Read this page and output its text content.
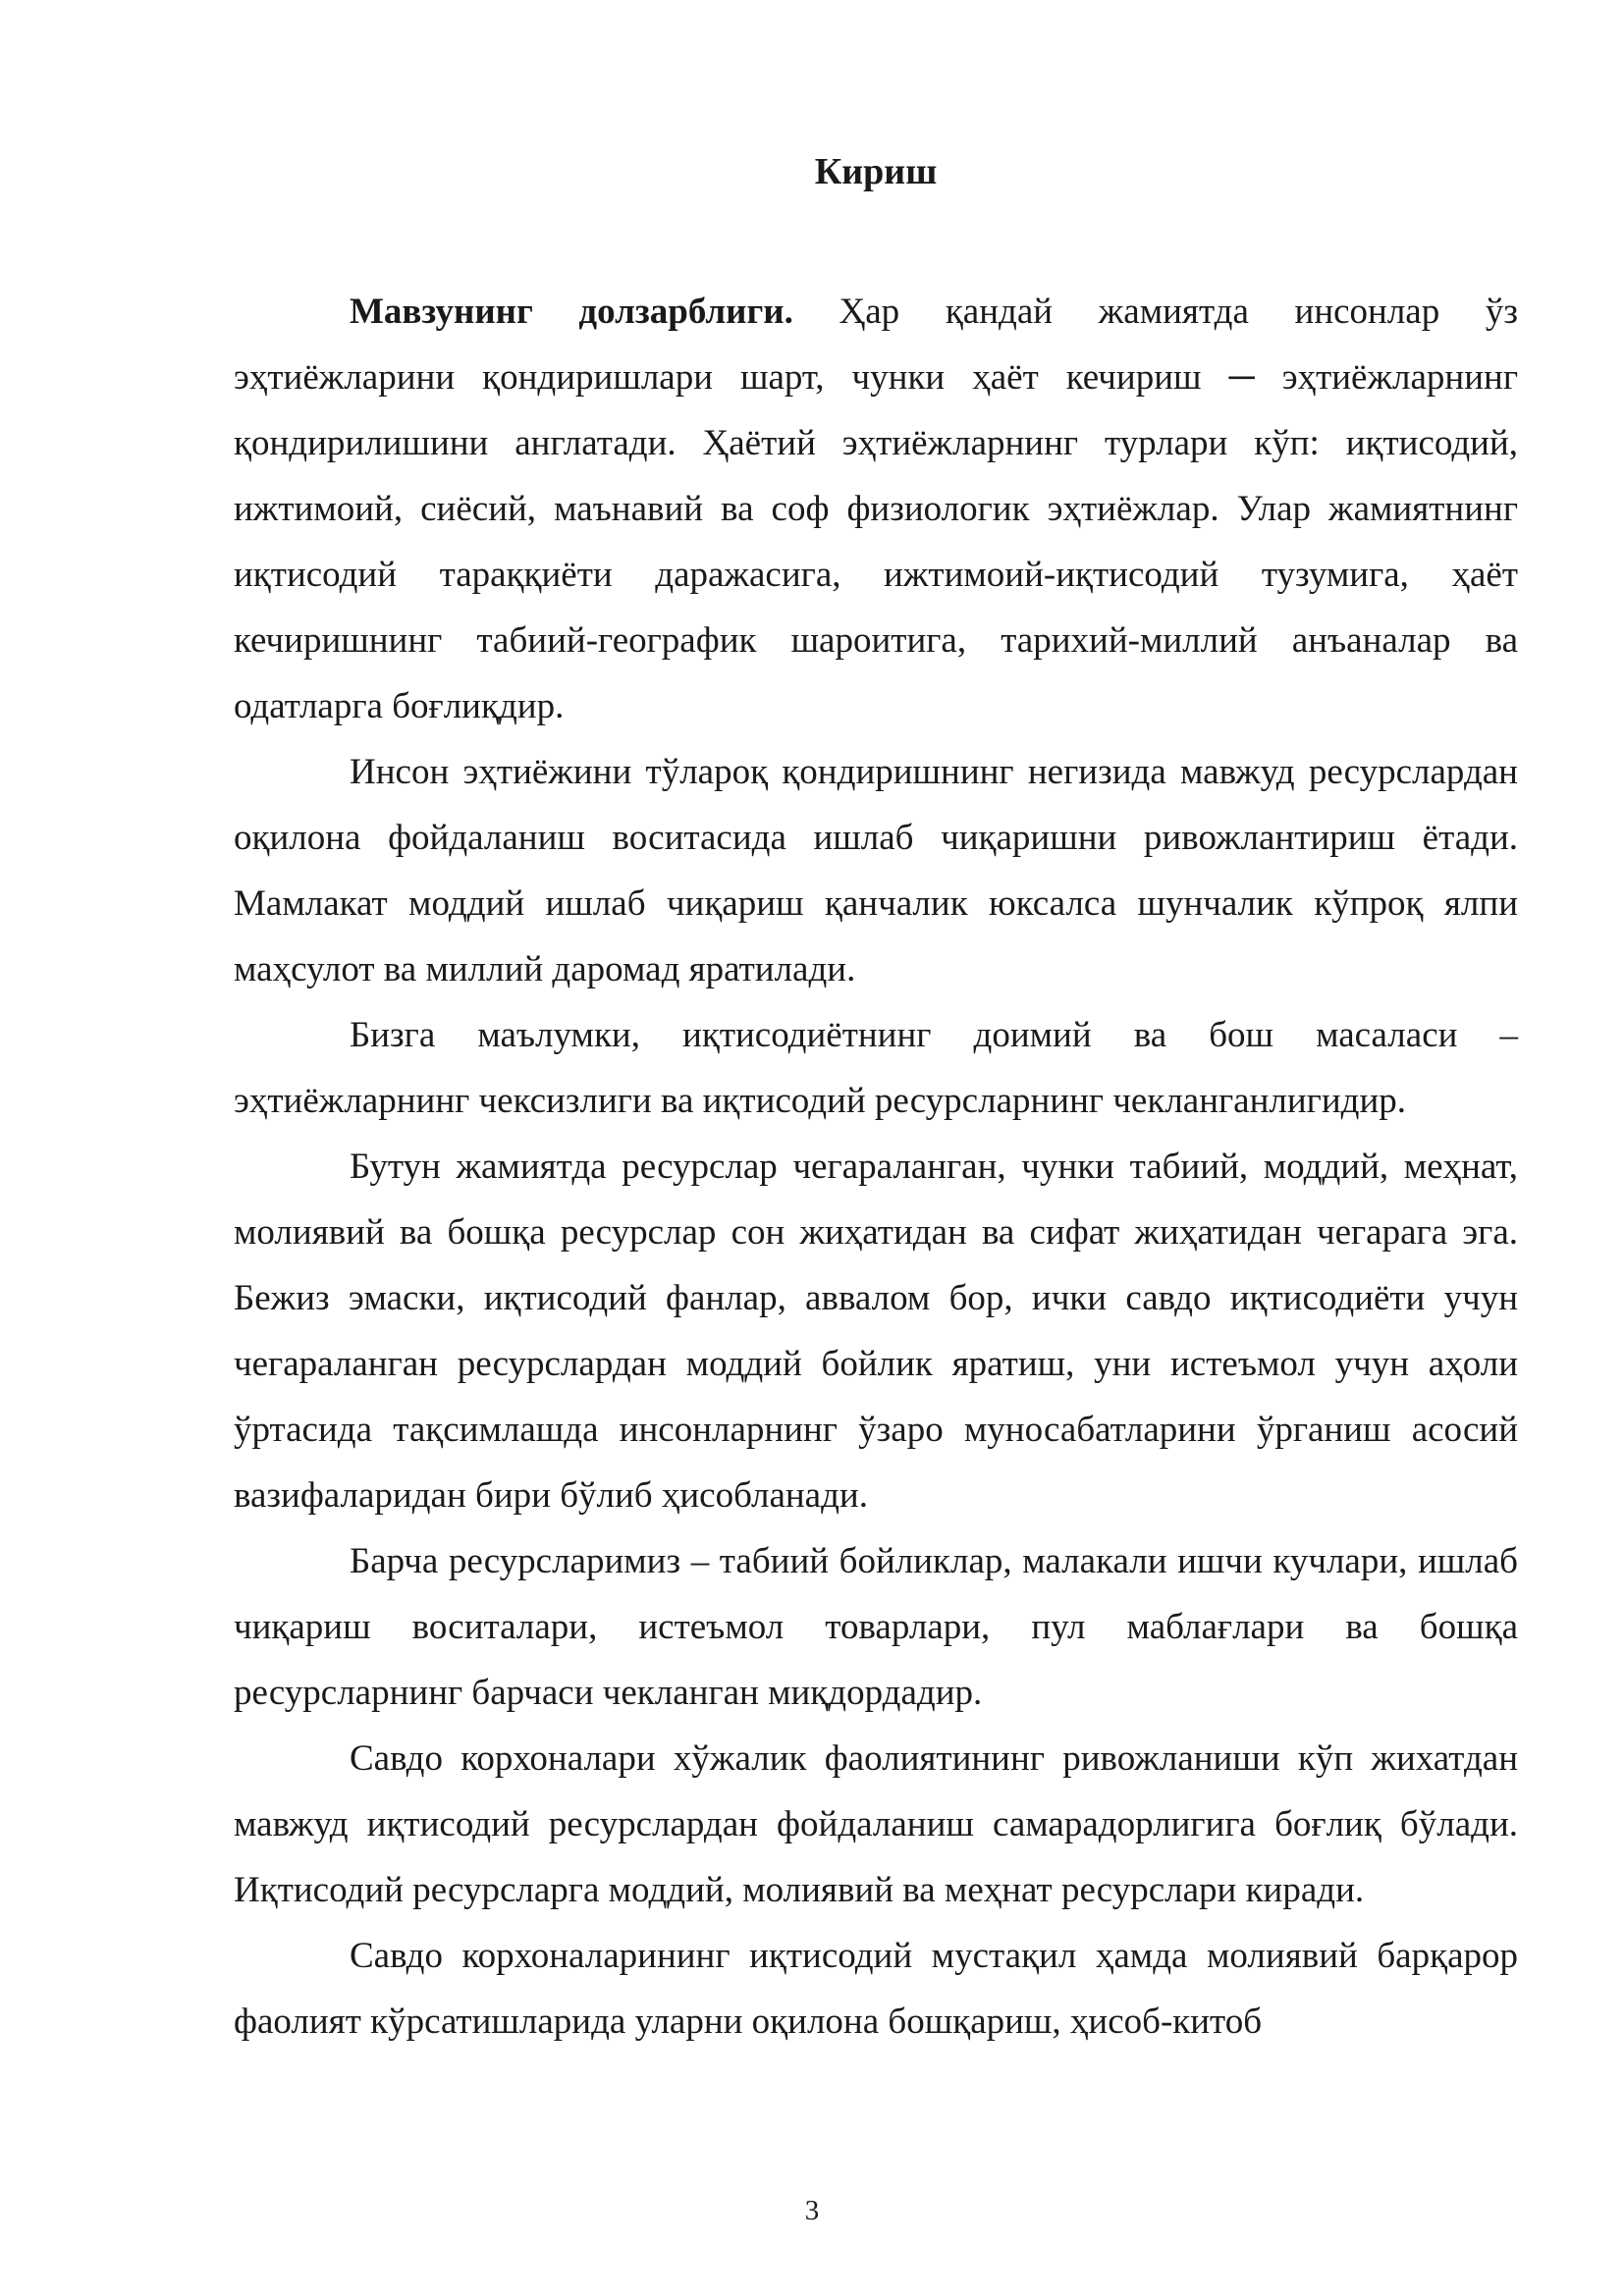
Кириш

Мавзунинг долзарблиги. Ҳар қандай жамиятда инсонлар ўз эҳтиёжларини қондиришлари шарт, чунки ҳаёт кечириш ─ эҳтиёжларнинг қондирилишини англатади. Ҳаётий эҳтиёжларнинг турлари кўп: иқтисодий, ижтимоий, сиёсий, маънавий ва соф физиологик эҳтиёжлар. Улар жамиятнинг иқтисодий тараққиёти даражасига, ижтимоий-иқтисодий тузумига, ҳаёт кечиришнинг табиий-географик шароитига, тарихий-миллий анъаналар ва одатларга боғлиқдир.

Инсон эҳтиёжини тўларoқ қондиришнинг негизида мавжуд ресурслардан оқилона фойдаланиш воситасида ишлаб чиқаришни ривожлантириш ётади. Мамлакат моддий ишлаб чиқариш қанчалик юксалса шунчалик кўпроқ ялпи маҳсулот ва миллий даромад яратилади.

Бизга маълумки, иқтисодиётнинг доимий ва бош масаласи – эҳтиёжларнинг чексизлиги ва иқтисодий ресурсларнинг чекланганлигидир.

Бутун жамиятда ресурслар чегараланган, чунки табиий, моддий, меҳнат, молиявий ва бошқа ресурслар сон жиҳатидан ва сифат жиҳатидан чегарага эга. Бежиз эмаски, иқтисодий фанлар, аввалом бор, ички савдо иқтисодиёти учун чегараланган ресурслардан моддий бойлик яратиш, уни истеъмол учун аҳоли ўртасида тақсимлашда инсонларнинг ўзаро муносабатларини ўрганиш асосий вазифаларидан бири бўлиб ҳисобланади.

Барча ресурсларимиз – табиий бойликлар, малакали ишчи кучлари, ишлаб чиқариш воситалари, истеъмол товарлари, пул маблағлари ва бошқа ресурсларнинг барчаси чекланган миқдордадир.

Савдо корхоналари хўжалик фаолиятининг ривожланиши кўп жихатдан мавжуд иқтисодий ресурслардан фойдаланиш самарадорлигига боғлиқ бўлади. Иқтисодий ресурсларга моддий, молиявий ва меҳнат ресурслари киради.

Савдо корхоналарининг иқтисодий мустақил ҳамда молиявий барқарор фаолият кўрсатишларида уларни оқилона бошқариш, ҳисоб-китоб

3
